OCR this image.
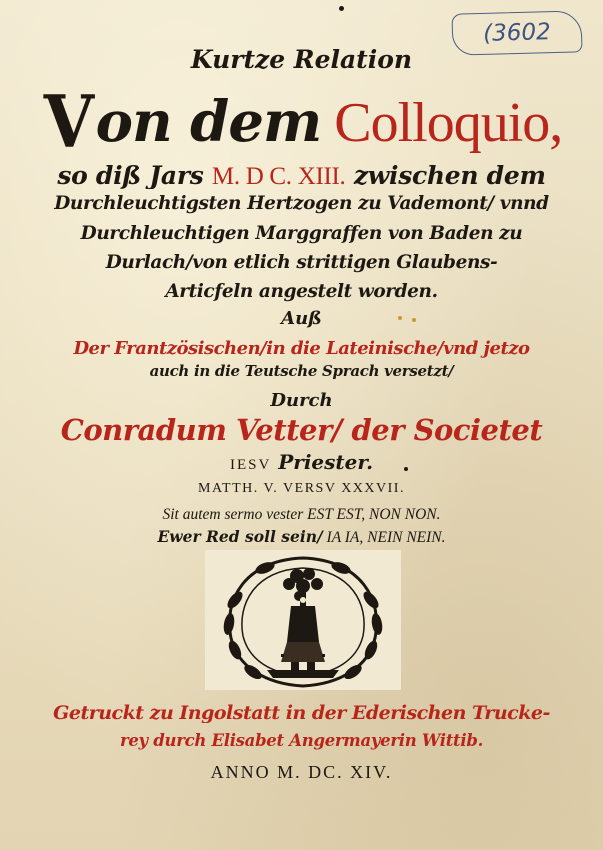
(3602
Kurtze Relation
Von dem Colloquio,
so diß Jars M. D C. XIII. zwischen dem
Durchleuchtigsten Hertzogen zu Vademont/ vnnd
Durchleuchtigen Marggraffen von Baden zu
Durlach/von etlich strittigen Glaubens-
Articfeln angestelt worden.
Auß
Der Frantzösischen/in die Lateinische/vnd jetzo
auch in die Teutsche Sprach versetzt/
Durch
Conradum Vetter/ der Societet
IESV Priester.
MATTH. V. VERSV XXXVII.
Sit autem sermo vester EST EST, NON NON.
Ewer Red soll sein/ IA IA, NEIN NEIN.
Getruckt zu Ingolstatt in der Ederischen Trucke-
rey durch Elisabet Angermayerin Wittib.
ANNO M. DC. XIV.
